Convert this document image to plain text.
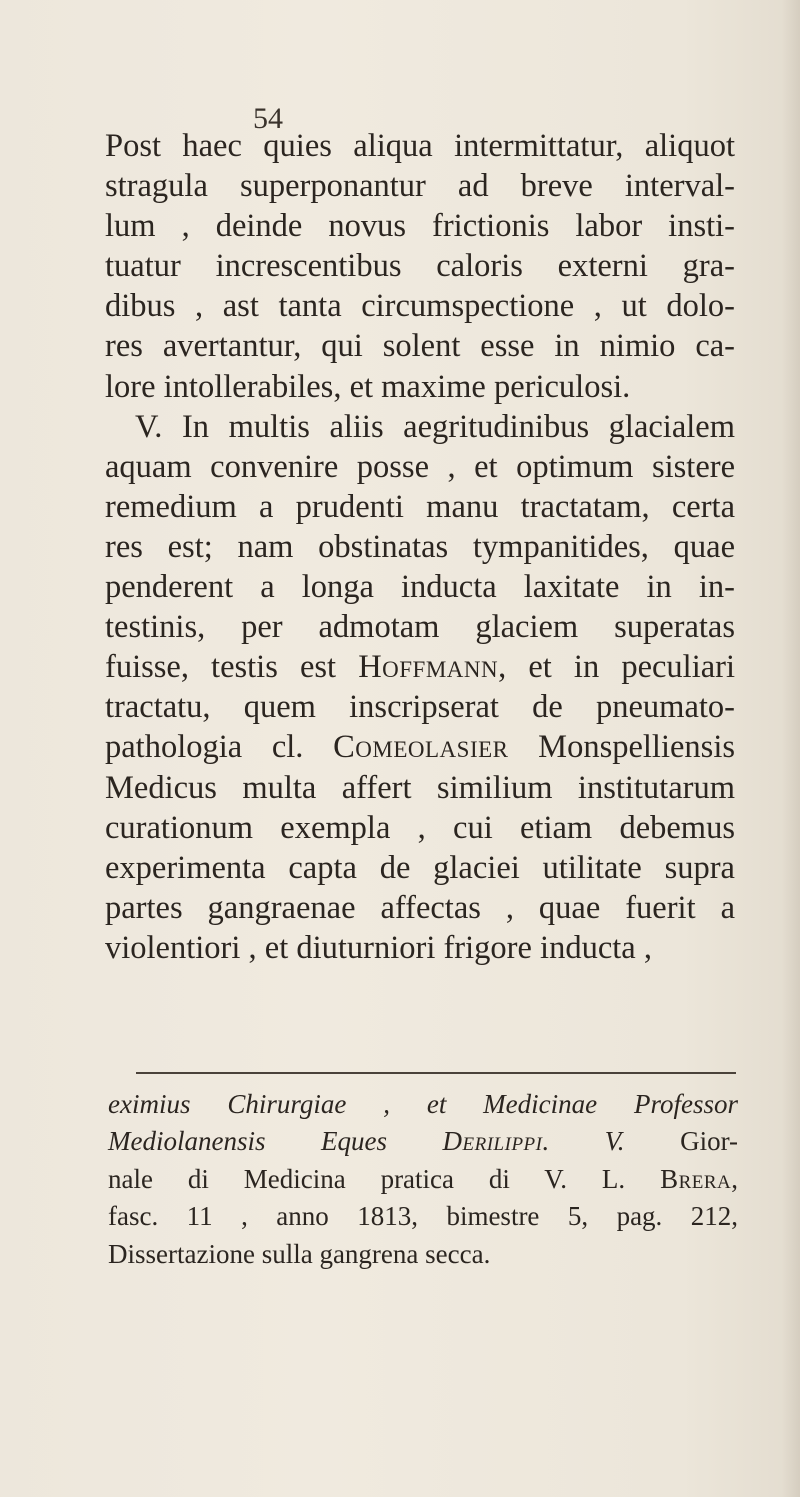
54

Post haec quies aliqua intermittatur, aliquot
stragula superponantur ad breve interval-
lum , deinde novus frictionis labor insti-
tuatur increscentibus caloris externi gra-
dibus , ast tanta circumspectione , ut dolo-
res avertantur, qui solent esse in nimio ca-
lore intollerabiles, et maxime periculosi.
V. In multis aliis aegritudinibus glacialem
aquam convenire posse , et optimum sistere
remedium a prudenti manu tractatam, certa
res est; nam obstinatas tympanitides, quae
penderent a longa inducta laxitate in in-
testinis, per admotam glaciem superatas
fuisse, testis est Hoffmann, et in peculiari
tractatu, quem inscripserat de pneumato-
pathologia cl. Comeolasier Monspelliensis
Medicus multa affert similium institutarum
curationum exempla , cui etiam debemus
experimenta capta de glaciei utilitate supra
partes gangraenae affectas , quae fuerit a
violentiori , et diuturniori frigore inducta ,

eximius Chirurgiae , et Medicinae Professor
Mediolanensis Eques Derilippi. V. Gior-
nale di Medicina pratica di V. L. Brera,
fasc. 11 , anno 1813, bimestre 5, pag. 212,
Dissertazione sulla gangrena secca.
